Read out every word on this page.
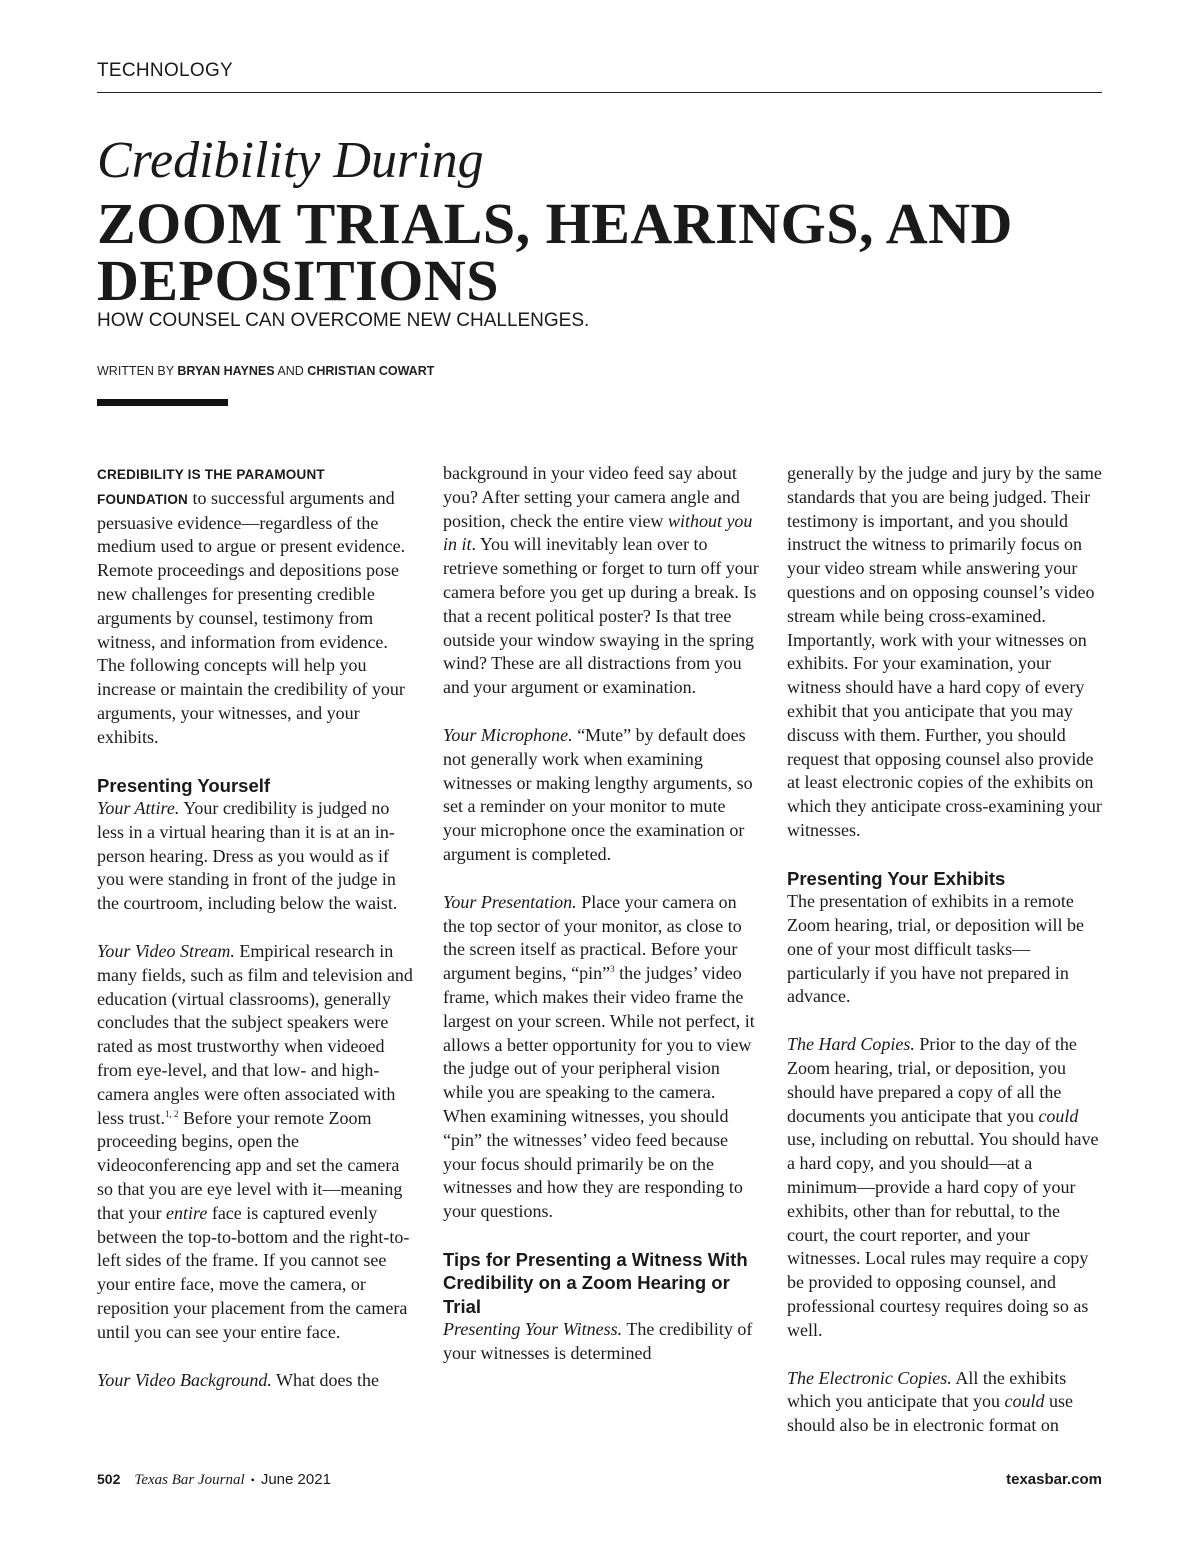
TECHNOLOGY
Credibility During
ZOOM TRIALS, HEARINGS, AND DEPOSITIONS
HOW COUNSEL CAN OVERCOME NEW CHALLENGES.
WRITTEN BY BRYAN HAYNES AND CHRISTIAN COWART

CREDIBILITY IS THE PARAMOUNT FOUNDATION to successful arguments and persuasive evidence—regardless of the medium used to argue or present evidence. Remote proceedings and depositions pose new challenges for presenting credible arguments by counsel, testimony from witness, and information from evidence. The following concepts will help you increase or maintain the credibility of your arguments, your witnesses, and your exhibits.

Presenting Yourself

Your Attire. Your credibility is judged no less in a virtual hearing than it is at an in-person hearing. Dress as you would as if you were standing in front of the judge in the courtroom, including below the waist.

Your Video Stream. Empirical research in many fields, such as film and television and education (virtual classrooms), generally concludes that the subject speakers were rated as most trustworthy when videoed from eye-level, and that low- and high-camera angles were often associated with less trust.$^{1, 2}$ Before your remote Zoom proceeding begins, open the videoconferencing app and set the camera so that you are eye level with it—meaning that your entire face is captured evenly between the top-to-bottom and the right-to-left sides of the frame. If you cannot see your entire face, move the camera, or reposition your placement from the camera until you can see your entire face.

Your Video Background. What does the

background in your video feed say about you? After setting your camera angle and position, check the entire view without you in it. You will inevitably lean over to retrieve something or forget to turn off your camera before you get up during a break. Is that a recent political poster? Is that tree outside your window swaying in the spring wind? These are all distractions from you and your argument or examination.

Your Microphone. “Mute” by default does not generally work when examining witnesses or making lengthy arguments, so set a reminder on your monitor to mute your microphone once the examination or argument is completed.

Your Presentation. Place your camera on the top sector of your monitor, as close to the screen itself as practical. Before your argument begins, “pin”$^3$ the judges’ video frame, which makes their video frame the largest on your screen. While not perfect, it allows a better opportunity for you to view the judge out of your peripheral vision while you are speaking to the camera. When examining witnesses, you should “pin” the witnesses’ video feed because your focus should primarily be on the witnesses and how they are responding to your questions.

Tips for Presenting a Witness With Credibility on a Zoom Hearing or Trial

Presenting Your Witness. The credibility of your witnesses is determined

generally by the judge and jury by the same standards that you are being judged. Their testimony is important, and you should instruct the witness to primarily focus on your video stream while answering your questions and on opposing counsel’s video stream while being cross-examined. Importantly, work with your witnesses on exhibits. For your examination, your witness should have a hard copy of every exhibit that you anticipate that you may discuss with them. Further, you should request that opposing counsel also provide at least electronic copies of the exhibits on which they anticipate cross-examining your witnesses.

Presenting Your Exhibits

The presentation of exhibits in a remote Zoom hearing, trial, or deposition will be one of your most difficult tasks—particularly if you have not prepared in advance.

The Hard Copies. Prior to the day of the Zoom hearing, trial, or deposition, you should have prepared a copy of all the documents you anticipate that you could use, including on rebuttal. You should have a hard copy, and you should—at a minimum—provide a hard copy of your exhibits, other than for rebuttal, to the court, the court reporter, and your witnesses. Local rules may require a copy be provided to opposing counsel, and professional courtesy requires doing so as well.

The Electronic Copies. All the exhibits which you anticipate that you could use should also be in electronic format on

502 Texas Bar Journal • June 2021	texasbar.com
